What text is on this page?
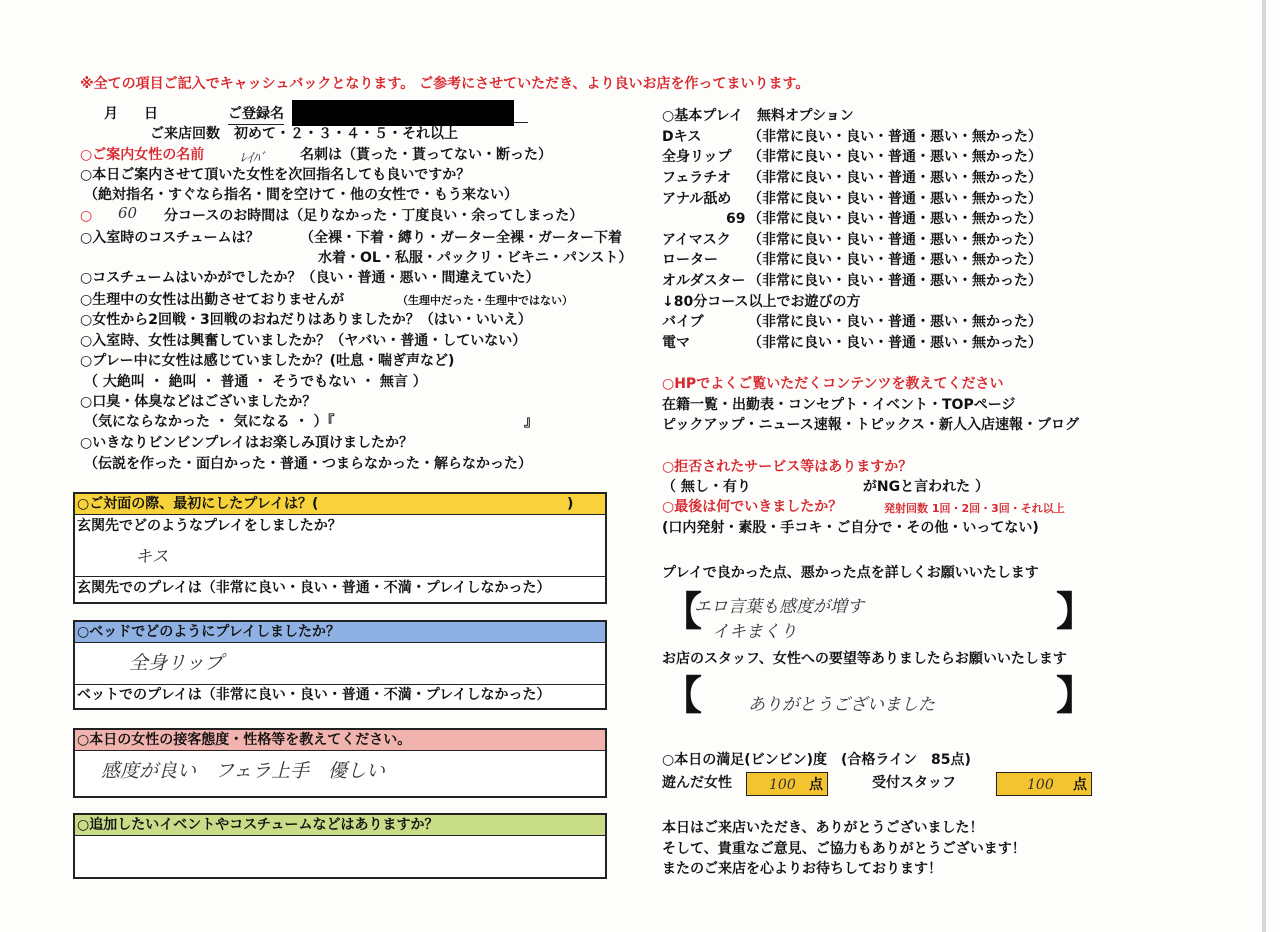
※全ての項目ご記入でキャッシュバックとなります。 ご参考にさせていただき、より良いお店を作ってまいります。
月 日	ご登録名
ご来店回数　初めて・２・３・４・５・それ以上
○ご案内女性の名前	ﾚｲﾊﾞ 名刺は（貰った・貰ってない・断った）
○本日ご案内させて頂いた女性を次回指名しても良いですか？
（絶対指名・すぐなら指名・間を空けて・他の女性で・もう来ない）
○ 60 分コースのお時間は（足りなかった・丁度良い・余ってしまった）
○入室時のコスチュームは？	（全裸・下着・縛り・ガーター全裸・ガーター下着
水着・OL・私服・パックリ・ビキニ・パンスト）
○コスチュームはいかがでしたか？（良い・普通・悪い・間違えていた）
○生理中の女性は出勤させておりませんが	（生理中だった・生理中ではない）
○女性から2回戦・3回戦のおねだりはありましたか？（はい・いいえ）
○入室時、女性は興奮していましたか？（ヤバい・普通・していない）
○プレー中に女性は感じていましたか？(吐息・喘ぎ声など)
（ 大絶叫 ・ 絶叫 ・ 普通 ・ そうでもない ・ 無言 ）
○口臭・体臭などはございましたか？
（気にならなかった ・ 気になる ・ ）『	』
○いきなりビンビンプレイはお楽しみ頂けましたか？
（伝説を作った・面白かった・普通・つまらなかった・解らなかった）
○ご対面の際、最初にしたプレイは？(	)
玄関先でどのようなプレイをしましたか？
キス
玄関先でのプレイは（非常に良い・良い・普通・不満・プレイしなかった）
○ベッドでどのようにプレイしましたか？
全身リップ
ベットでのプレイは（非常に良い・良い・普通・不満・プレイしなかった）
○本日の女性の接客態度・性格等を教えてください。
感度が良い　フェラ上手　優しい
○追加したいイベントやコスチュームなどはありますか？
○基本プレイ　無料オプション
Dキス	（非常に良い・良い・普通・悪い・無かった）
全身リップ （非常に良い・良い・普通・悪い・無かった）
フェラチオ （非常に良い・良い・普通・悪い・無かった）
アナル舐め （非常に良い・良い・普通・悪い・無かった）
69 （非常に良い・良い・普通・悪い・無かった）
アイマスク （非常に良い・良い・普通・悪い・無かった）
ローター （非常に良い・良い・普通・悪い・無かった）
オルダスター （非常に良い・良い・普通・悪い・無かった）
↓80分コース以上でお遊びの方
バイブ	（非常に良い・良い・普通・悪い・無かった）
電マ	（非常に良い・良い・普通・悪い・無かった）
○HPでよくご覧いただくコンテンツを教えてください
在籍一覧・出勤表・コンセプト・イベント・TOPページ
ピックアップ・ニュース速報・トピックス・新人入店速報・ブログ
○拒否されたサービス等はありますか？
（ 無し・有り　　　　　　　　がNGと言われた ）
○最後は何でいきましたか？	発射回数 1回・2回・3回・それ以上
(口内発射・素股・手コキ・ご自分で・その他・いってない)
プレイで良かった点、悪かった点を詳しくお願いいたします
【
エロ言葉も感度が増す
イキまくり	】
お店のスタッフ、女性への要望等ありましたらお願いいたします
【	ありがとうございました	】
○本日の満足(ビンビン)度　(合格ライン　85点)
遊んだ女性	100 点	受付スタッフ	100 点
本日はご来店いただき、ありがとうございました！
そして、貴重なご意見、ご協力もありがとうございます！
またのご来店を心よりお待ちしております！
